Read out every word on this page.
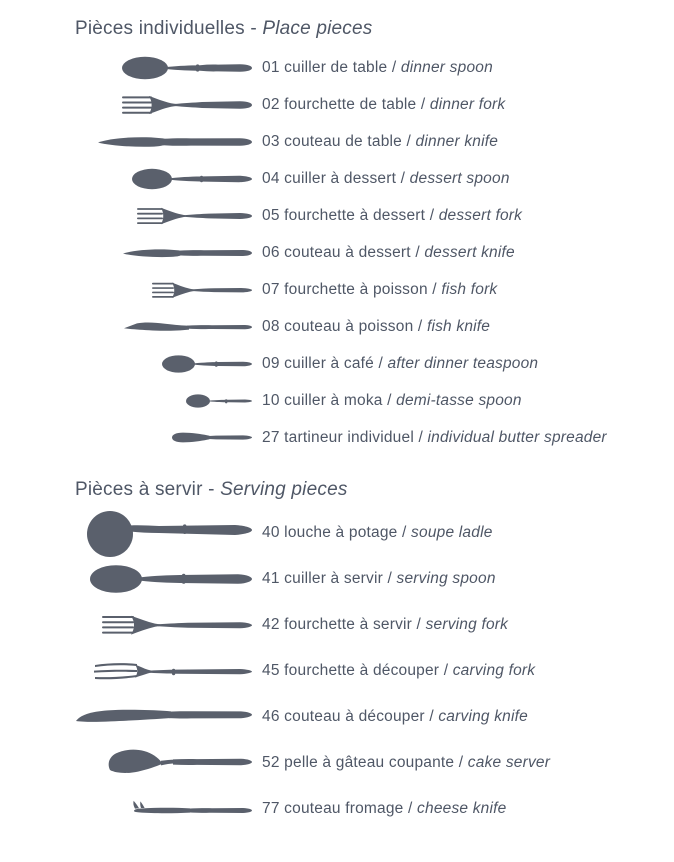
Pièces individuelles - Place pieces
01 cuiller de table / dinner spoon
02 fourchette de table / dinner fork
03 couteau de table / dinner knife
04 cuiller à dessert / dessert spoon
05 fourchette à dessert / dessert fork
06 couteau à dessert / dessert knife
07 fourchette à poisson / fish fork
08 couteau à poisson / fish knife
09 cuiller à café / after dinner teaspoon
10 cuiller à moka / demi-tasse spoon
27 tartineur individuel / individual butter spreader
Pièces à servir - Serving pieces
40 louche à potage / soupe ladle
41 cuiller à servir / serving spoon
42 fourchette à servir / serving fork
45 fourchette à découper / carving fork
46 couteau à découper / carving knife
52 pelle à gâteau coupante / cake server
77 couteau fromage / cheese knife
